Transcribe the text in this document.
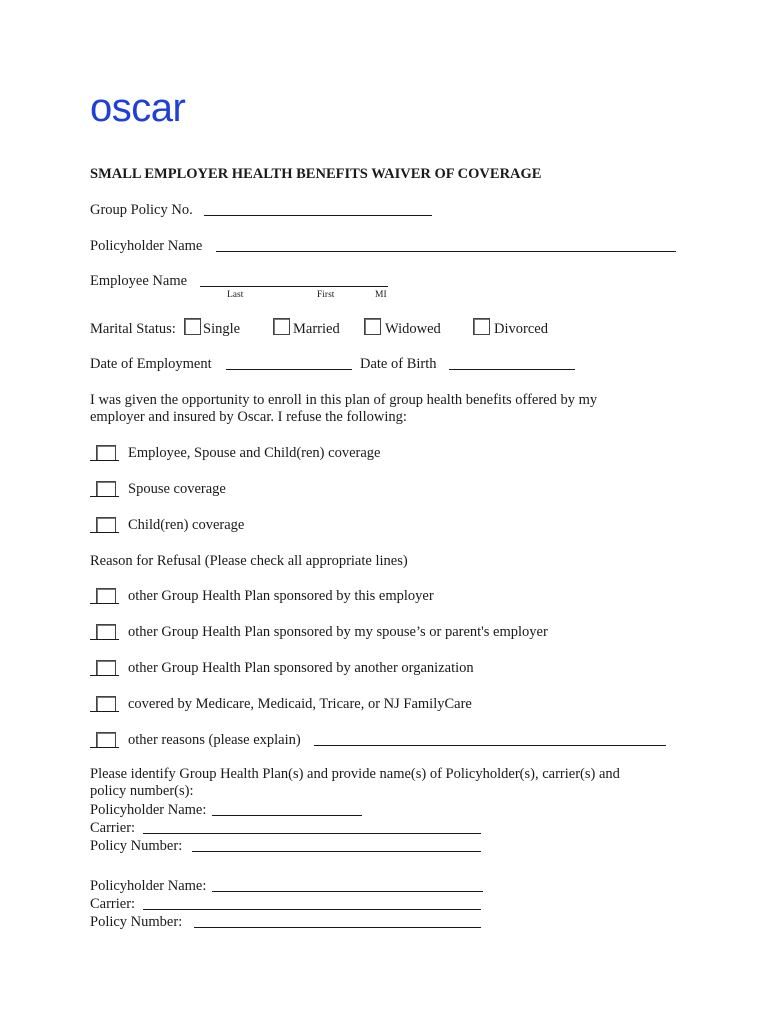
oscar
SMALL EMPLOYER HEALTH BENEFITS WAIVER OF COVERAGE
Group Policy No.
Policyholder Name
Employee Name
Last	First	MI
Marital Status: Single	Married	Widowed	Divorced
Date of Employment	Date of Birth
I was given the opportunity to enroll in this plan of group health benefits offered by my employer and insured by Oscar. I refuse the following:
Employee, Spouse and Child(ren) coverage
Spouse coverage
Child(ren) coverage
Reason for Refusal (Please check all appropriate lines)
other Group Health Plan sponsored by this employer
other Group Health Plan sponsored by my spouse’s or parent's employer
other Group Health Plan sponsored by another organization
covered by Medicare, Medicaid, Tricare, or NJ FamilyCare
other reasons (please explain)
Please identify Group Health Plan(s) and provide name(s) of Policyholder(s), carrier(s) and policy number(s):
Policyholder Name:
Carrier:
Policy Number:
Policyholder Name:
Carrier:
Policy Number:
